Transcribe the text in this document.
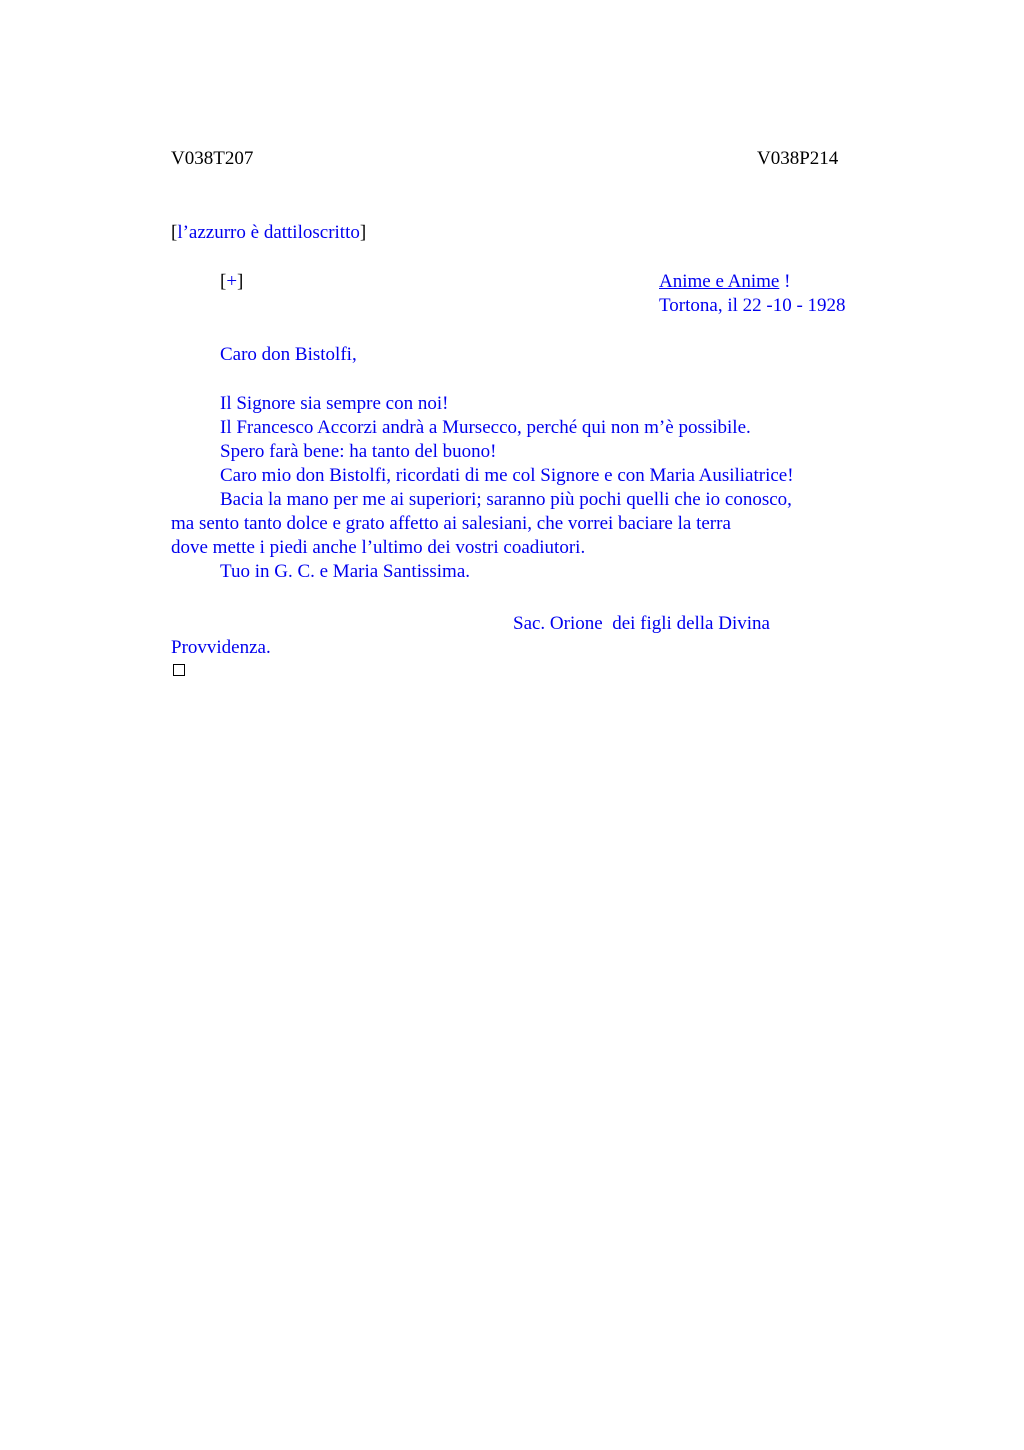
V038T207	V038P214
[l’azzurro è dattiloscritto]
[+]	Anime e Anime !
Tortona, il 22 -10 - 1928
Caro don Bistolfi,
Il Signore sia sempre con noi!
Il Francesco Accorzi andrà a Mursecco, perché qui non m’è possibile.
Spero farà bene: ha tanto del buono!
Caro mio don Bistolfi, ricordati di me col Signore e con Maria Ausiliatrice!
Bacia la mano per me ai superiori; saranno più pochi quelli che io conosco,
ma sento tanto dolce e grato affetto ai salesiani, che vorrei baciare la terra
dove mette i piedi anche l’ultimo dei vostri coadiutori.
Tuo in G. C. e Maria Santissima.
Sac. Orione  dei figli della Divina
Provvidenza.
